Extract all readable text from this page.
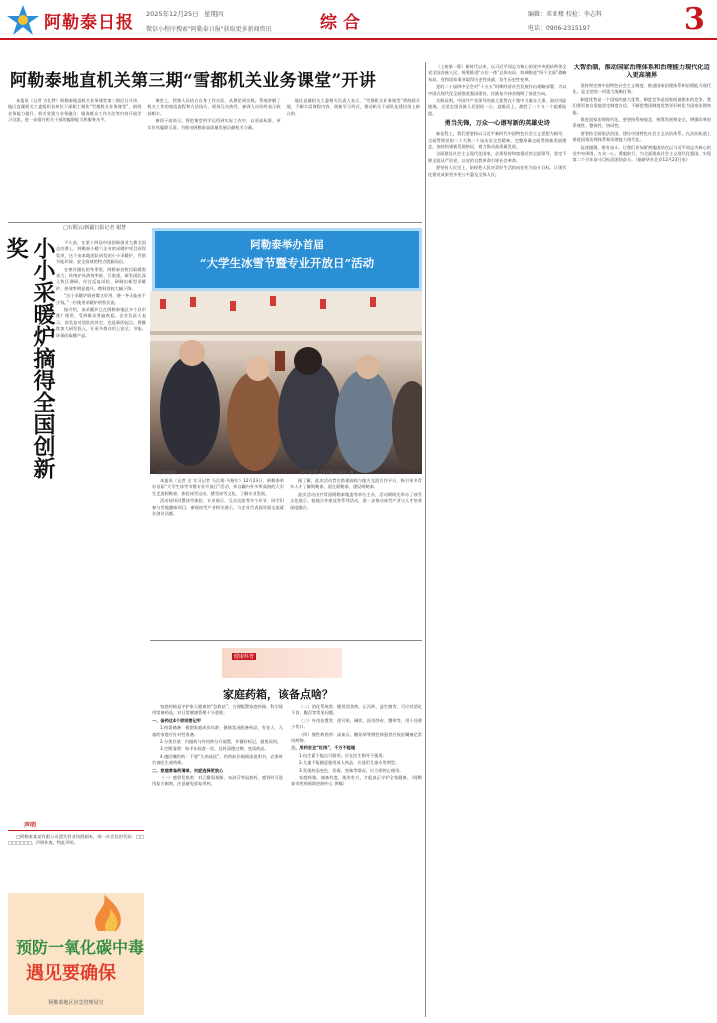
阿勒泰日报 2025年12月25日 星期四
微信小程序搜索"阿勒泰日报"获取更多新闻资讯	综合	编辑：邓亚楼 校检：李志科
电话：0906-2315197	3
阿勒泰地直机关第三期“雪都机关业务课堂”开讲

本报讯（记者 吉扎特）阿勒泰地直机关业务课堂第三期近日开讲，地区直属机关工委组织各单位干部职工聚焦“雪都机关业务课堂”，围绕业务能力提升、机关党建与业务融合、服务群众工作方法等内容开展学习交流，进一步提升机关干部的履职能力和服务水平。

课堂上，授课人员结合自身工作实际，从理论到实践，系统讲解了机关工作的规范流程和方法技巧，现场互动热烈，参训人员纷纷表示收获颇丰。

参训干部表示，将把课堂所学运用到实际工作中，以更高标准、更实作风履职尽责，为推动阿勒泰高质量发展贡献机关力量。

地区直属机关工委相关负责人表示，“雪都机关业务课堂”将持续开展，不断丰富课程内容，创新学习形式，推动机关干部队伍建设再上新台阶。

□石榴云/新疆日报记者 谢慧
小小采暖炉摘得全国创新奖	不久前，在第十四届中国创新创业大赛全国总决赛上，阿勒泰小暖六企业的采暖炉项目获得奖项，这个由本地团队研发的小小采暖炉，凭借节能环保、安全高效的特点脱颖而出。

在寒冷漫长的冬季里，阿勒泰农牧民取暖需求大，传统炉具热效率低、污染重。研发团队深入牧区调研，经过反复试验，研制出新型采暖炉，热效率明显提升，燃料消耗大幅下降。

“这个采暖炉既省煤又好用，烧一冬天能省不少钱。”一位使用采暖炉的牧民说。

据介绍，该采暖炉已在阿勒泰地区多个县市推广使用，受到群众普遍欢迎。企业负责人表示，获奖是对团队的肯定，也是新的起点，将继续加大研发投入，让更多群众用上安全、节能、环保的取暖产品。

阿勒泰举办首届
“大学生冰雪节暨专业开放日”活动
活动现场。	实习记者 马岳翔·马格尔 摄

本报讯（记者 全 实习记者 马岳翔·马格尔）12月23日，阿勒泰举办首届“大学生冰雪节暨专业开放日”活动，来自疆内外多所高校的大学生走进阿勒泰，体验冰雪运动、感受冰雪文化、了解专业发展。

活动现场设置冰雪体验、专业展示、互动交流等多个环节，同学们参与雪地趣味项目，参观冰雪产业相关展示，与企业代表面对面交流就业创业话题。

据了解，此次活动旨在搭建高校与地方交流合作平台，吸引更多青年人才了解阿勒泰、留在阿勒泰、建设阿勒泰。

此次活动由共青团阿勒泰地委等单位主办，活动期间还举办了冰雪文化展示、校地合作座谈等系列活动，进一步推动冰雪产业与人才培养深度融合。

声明

□阿勒泰某某有限公司遗失营业执照副本，统一社会信用代码：□□□□□□□□，声明作废。特此声明。

预防一氧化碳中毒
遇见要确保
阿勒泰地区应急管理局宣
健康科普
家庭药箱，该备点啥？

家庭药箱是守护家人健康的“急救站”，合理配置家庭药箱、科学使用常备药品，对日常健康管理十分重要。

一、备药这4个原则要记牢

1.按需储备：根据家庭成员年龄、健康状况配备药品，有老人、儿童的家庭应针对性准备。

2.分类存放：内服药与外用药分开放置，并做好标记，避免误用。

3.定期清理：每半年检查一次，及时清理过期、变质药品。

4.遵医嘱用药：不要“久病成医”，用药前仔细阅读说明书，必要时咨询医生或药师。

二、家庭常备药清单，对症选择更放心

（一）感冒发热类：对乙酰氨基酚、布洛芬等退热药，感冒时可选用复方制剂，注意避免重复用药。

（二）消化系统类：健胃消食药、止泻药、益生菌等，可应对消化不良、腹泻等常见问题。

（三）外用处置类：创可贴、碘伏、医用纱布、绷带等，用于处理小伤口。

（四）慢性病用药：高血压、糖尿病等慢性病患者应按医嘱备足常用药物。

三、用药安全“红线”，千万不能碰

1.抗生素不能自行服用，应在医生指导下使用。

2.儿童不能随意服用成人药品，应选用儿童专用剂型。

3.发现药品变色、发霉、变味等情况，应立即停止使用。

家庭药箱，储备有度、使用有方，才能真正守护全家健康。（阿勒泰市疾病预防控制中心 供稿）

（上接第一版）新时代以来，以习近平同志为核心的党中央团结带领全党全国各族人民，统筹推进“五位一体”总体布局、协调推进“四个全面”战略布局，党和国家事业取得历史性成就、发生历史性变革。

党的二十届四中全会对“十五五”时期经济社会发展作出战略部署，为以中国式现代化全面推进强国建设、民族复兴伟业指明了前进方向。

实践证明，中国共产党领导的最大优势在于集中力量办大事。面对风险挑战，全党全国各族人民团结一心、迎难而上，战胜了一个又一个艰难险阻。

勇当先锋，万众一心谱写新的英雄史诗

新征程上，我们要坚持以习近平新时代中国特色社会主义思想为指导，全面贯彻党的二十大和二十届历次全会精神，完整准确全面贯彻新发展理念，加快构建新发展格局，着力推动高质量发展。

全面建设社会主义现代化国家，必须坚持和加强党的全面领导，坚定不移全面从严治党，以党的自我革命引领社会革命。

要坚持人民至上，始终把人民对美好生活的向往作为奋斗目标，让现代化建设成果更多更公平惠及全体人民。

大智治制，推动国家治理体系和治理能力现代化迈入更高境界

坚持和完善中国特色社会主义制度、推进国家治理体系和治理能力现代化，是全党的一项重大战略任务。

制度优势是一个国家的最大优势，制度竞争是国家间最根本的竞争。我们要更加自觉地坚定制度自信，不断把我国制度优势更好转化为国家治理效能。

推进国家治理现代化，要坚持系统观念，统筹发展和安全，增强改革的系统性、整体性、协同性。

要坚持全面依法治国，建设中国特色社会主义法治体系，在法治轨道上推进国家治理体系和治理能力现代化。

征途漫漫，惟有奋斗。让我们更加紧密地团结在以习近平同志为核心的党中央周围，万众一心、勇毅前行，为全面建成社会主义现代化强国、实现第二个百年奋斗目标而团结奋斗。（据新华社北京12月23日电）
